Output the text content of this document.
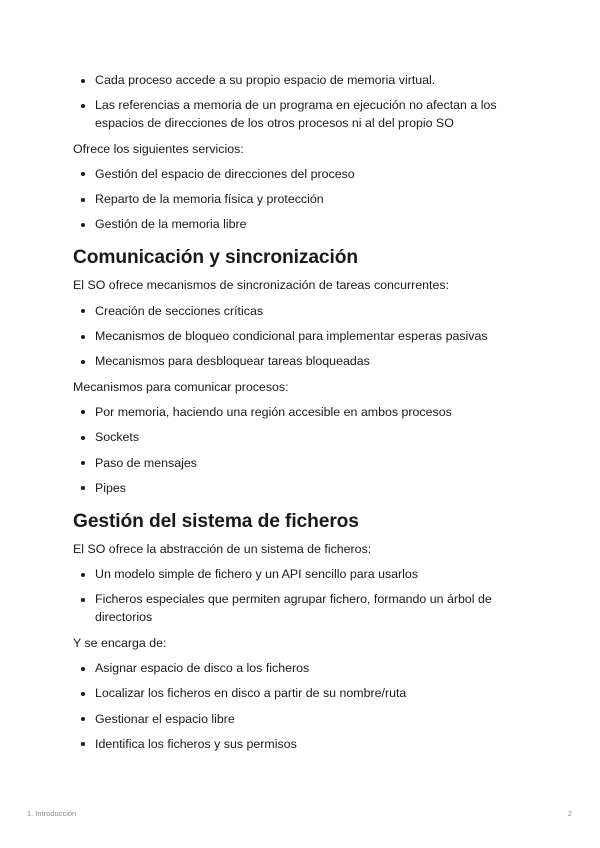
Cada proceso accede a su propio espacio de memoria virtual.
Las referencias a memoria de un programa en ejecución no afectan a los espacios de direcciones de los otros procesos ni al del propio SO

Ofrece los siguientes servicios:

Gestión del espacio de direcciones del proceso
Reparto de la memoria física y protección
Gestión de la memoria libre
Comunicación y sincronización

El SO ofrece mecanismos de sincronización de tareas concurrentes:

Creación de secciones críticas
Mecanismos de bloqueo condicional para implementar esperas pasivas
Mecanismos para desbloquear tareas bloqueadas

Mecanismos para comunicar procesos:

Por memoria, haciendo una región accesible en ambos procesos
Sockets
Paso de mensajes
Pipes
Gestión del sistema de ficheros

El SO ofrece la abstracción de un sistema de ficheros:

Un modelo simple de fichero y un API sencillo para usarlos
Ficheros especiales que permiten agrupar fichero, formando un árbol de directorios

Y se encarga de:

Asignar espacio de disco a los ficheros
Localizar los ficheros en disco a partir de su nombre/ruta
Gestionar el espacio libre
Identifica los ficheros y sus permisos
1. Introducción	2
